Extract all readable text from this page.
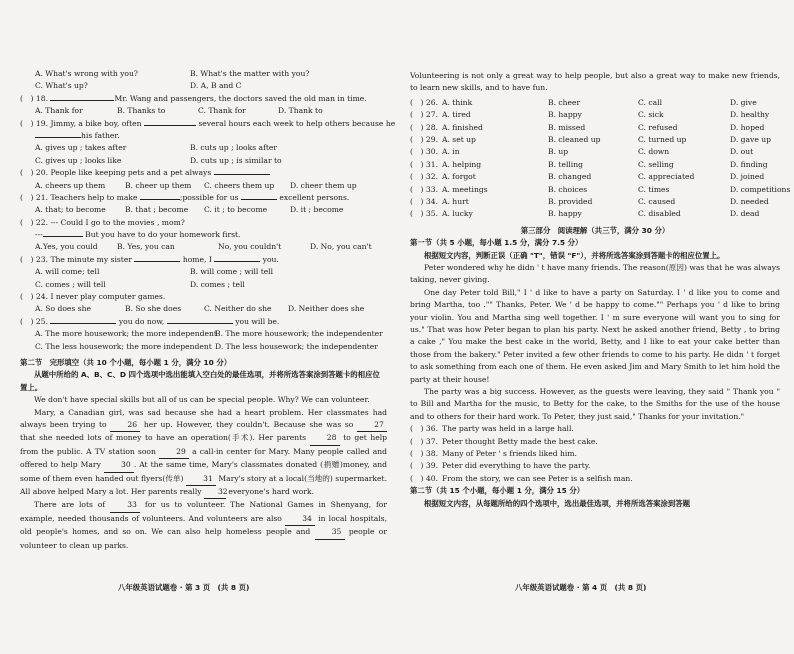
A. What's wrong with you?	B. What's the matter with you?
C. What's up?	D. A, B and C
(　) 18.	Mr. Wang and passengers, the doctors saved the old man in time.
A. Thank for	B. Thanks to	C. Thank for	D. Thank to
(　) 19. Jimmy, a bike boy, often	several hours each week to help others because he
his father.
A. gives up ; takes after	B. cuts up ; looks after
C. gives up ; looks like	D. cuts up ; is similar to
(　) 20. People like keeping pets and a pet always
A. cheers up them	B. cheer up them C. cheers them up D. cheer them up
(　) 21. Teachers help to make	;possible for us	excellent persons.
A. that; to become	B. that ; become C. it ; to become	D. it ; become
(　) 22. --- Could I go to the movies , mom?
---	But you have to do your homework first.
A.Yes, you could	B. Yes, you can	No, you couldn't	D. No, you can't
(　) 23. The minute my sister	home, I	you.
A. will come; tell	B. will come ; will tell
C. comes ; will tell	D. comes ; tell
(　) 24. I never play computer games.
A. So does she	B. So she does	C. Neither do she D. Neither does she
(　) 25.	you do now,	you will be.
A. The more housework; the more independent
B. The more housework; the independenter
C. The less housework; the more independent D. The less housework; the independenter
第二节　完形填空（共 10 个小题，每小题 1 分，满分 10 分）
从题中所给的 A、B、C、D 四个选项中选出能填入空白处的最佳选项，并将所选答案涂到答题卡的相应位置上。
We don't have special skills but all of us can be special people. Why? We can volunteer.
Mary, a Canadian girl, was sad because she had a heart problem. Her classmates had always been trying to	26 her up. However, they couldn't. Because she was so	27 that she needed lots of money to have an operation(手术). Her parents	28 to get help from the public. A TV station soon	29 a call-in center for Mary. Many people called and offered to help Mary	30 . At the same time, Mary's classmates donated (捐赠)money, and some of them even handed out flyers(传单)	31 Mary's story at a local(当地的) supermarket. All above helped Mary a lot. Her parents really 32 everyone's hard work.
There are lots of	33 for us to volunteer. The National Games in Shenyang, for example, needed thousands of volunteers. And volunteers are also	34 in local hospitals, old people's homes, and so on. We can also help homeless people and	35 people or volunteer to clean up parks.
八年级英语试题卷 · 第 3 页　(共 8 页)
Volunteering is not only a great way to help people, but also a great way to make new friends, to learn new skills, and to have fun.
(　) 26. A. think	B. cheer	C. call	D. give
(　) 27. A. tired	B. happy	C. sick	D. healthy
(　) 28. A. finished	B. missed	C. refused	D. hoped
(　) 29. A. set up	B. cleaned up	C. turned up	D. gave up
(　) 30. A. in	B. up	C. down	D. out
(　) 31. A. helping	B. telling	C. selling	D. finding
(　) 32. A. forgot	B. changed	C. appreciated	D. joined
(　) 33. A. meetings	B. choices	C. times	D. competitions
(　) 34. A. hurt	B. provided	C. caused	D. needed
(　) 35. A. lucky	B. happy	C. disabled	D. dead
第三部分　阅读理解（共三节，满分 30 分）
第一节（共 5 小题，每小题 1.5 分，满分 7.5 分）
根据短文内容，判断正误（正确 "T"，错误 "F"），并将所选答案涂到答题卡的相应位置上。
Peter wondered why he didn ' t have many friends. The reason(原因) was that he was always taking, never giving.
One day Peter told Bill," I ' d like to have a party on Saturday. I ' d like you to come and bring Martha, too ."" Thanks, Peter. We ' d be happy to come."" Perhaps you ' d like to bring your violin. You and Martha sing well together. I ' m sure everyone will want you to sing for us." That was how Peter began to plan his party. Next he asked another friend, Betty , to bring a cake ," You make the best cake in the world, Betty, and I like to eat your cake better than those from the bakery." Peter invited a few other friends to come to his party. He didn ' t forget to ask something from each one of them. He even asked Jim and Mary Smith to let him hold the party at their house!
The party was a big success. However, as the guests were leaving, they said " Thank you " to Bill and Martha for the music, to Betty for the cake, to the Smiths for the use of the house and to others for their hard work. To Peter, they just said," Thanks for your invitation."
(　) 36. The party was held in a large hall.
(　) 37. Peter thought Betty made the best cake.
(　) 38. Many of Peter ' s friends liked him.
(　) 39. Peter did everything to have the party.
(　) 40. From the story, we can see Peter is a selfish man.
第二节（共 15 个小题，每小题 1 分，满分 15 分）
根据短文内容，从每题所给的四个选项中，选出最佳选项，并将所选答案涂到答题
八年级英语试题卷 · 第 4 页　(共 8 页)
